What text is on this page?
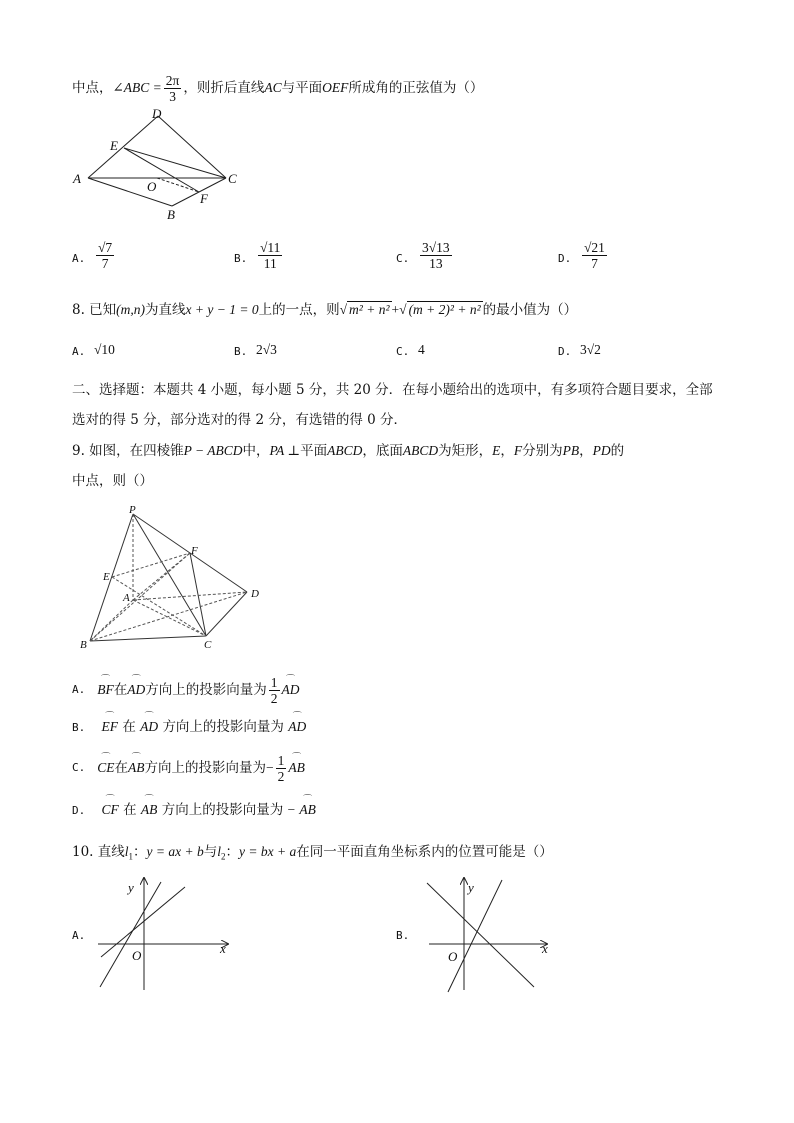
中点， ∠ABC = $\frac{2\pi}{3}$ ，则折后直线 AC 与平面 OEF 所成角的正弦值为（）
D
E
A
O
C
F
B
A. $\frac{√7}{7}$	B. $\frac{√11}{11}$	C. $\frac{3√13}{13}$	D. $\frac{√21}{7}$
8. 已知(m,n)为直线x + y − 1 = 0上的一点，则√ m² + n² +√ (m + 2)² + n² 的最小值为（）
A. √10	B. 2√3	C. 4	D. 3√2
二、选择题：本题共 4 小题，每小题 5 分，共 20 分．在每小题给出的选项中，有多项符合题目要求，全部
选对的得 5 分，部分选对的得 2 分，有选错的得 0 分．
9. 如图，在四棱锥P − ABCD中，PA ⊥平面ABCD，底面ABCD为矩形，E，F分别为PB，PD的
中点，则（）
P
F
E
A	D
B	C
A. ⌒ BF 在 ⌒ AD 方向上的投影向量为 $\frac{1}{2}$ ⌒ AD
B. ⌒ EF 在 ⌒ AD 方向上的投影向量为 ⌒ AD
C. ⌒ CE 在 ⌒ AB 方向上的投影向量为 − $\frac{1}{2}$ ⌒ AB
D. ⌒ CF 在 ⌒ AB 方向上的投影向量为 − ⌒ AB
10. 直线$l_1$：y = ax + b与$l_2$：y = bx + a在同一平面直角坐标系内的位置可能是（）
A.
x
y
O
B.
x
y
O
